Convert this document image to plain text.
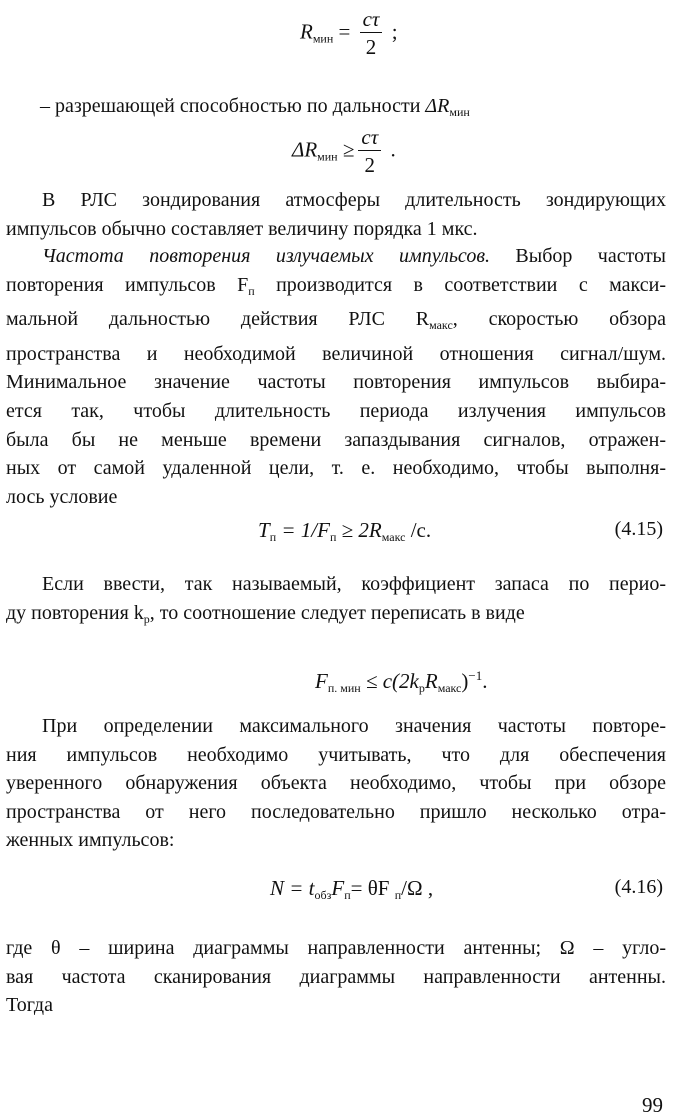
$R_{мин} = \frac{c\tau}{2}$ ;
– разрешающей способностью по дальности $\Delta R_{мин}$
$\Delta R_{мин} \ge \frac{c\tau}{2}$ .
В РЛС зондирования атмосферы длительность зондирующих
импульсов обычно составляет величину порядка 1 мкс.
Частота повторения излучаемых импульсов. Выбор частоты
повторения импульсов $F_п$ производится в соответствии с макси-
мальной дальностью действия РЛС $R_{макс}$, скоростью обзора
пространства и необходимой величиной отношения сигнал/шум.
Минимальное значение частоты повторения импульсов выбира-
ется так, чтобы длительность периода излучения импульсов
была бы не меньше времени запаздывания сигналов, отражен-
ных от самой удаленной цели, т. е. необходимо, чтобы выполня-
лось условие
$T_п = 1/F_п \ge 2R_{макс}$ /c.	(4.15)
Если ввести, так называемый, коэффициент запаса по перио-
ду повторения $k_р$, то соотношение следует переписать в виде
$F_{п. мин} \le c(2k_рR_{макс})^{-1}$.
При определении максимального значения частоты повторе-
ния импульсов необходимо учитывать, что для обеспечения
уверенного обнаружения объекта необходимо, чтобы при обзоре
пространства от него последовательно пришло несколько отра-
женных импульсов:
$N = t_{обз}F_п= \theta F$ $_п$/Ω ,	(4.16)
где θ – ширина диаграммы направленности антенны; Ω – угло-
вая частота сканирования диаграммы направленности антенны.
Тогда
99
